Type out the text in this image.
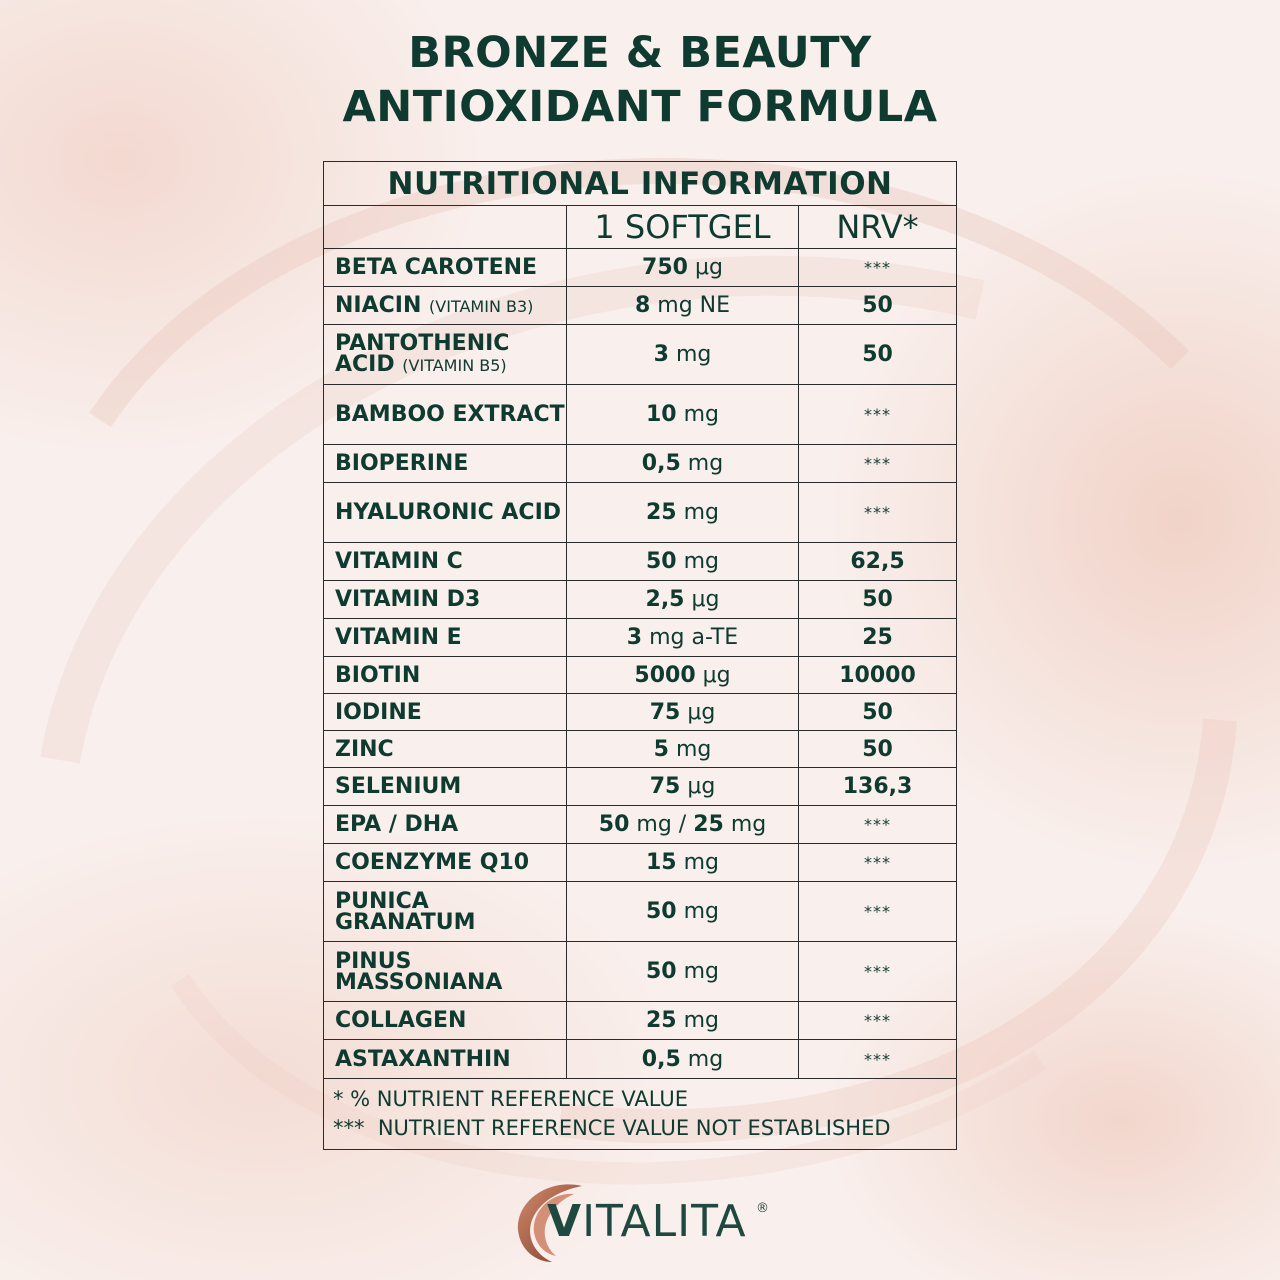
BRONZE & BEAUTY
ANTIOXIDANT FORMULA
NUTRITIONAL INFORMATION		
	1 SOFTGEL	NRV*
BETA CAROTENE	750 μg	***
NIACIN (VITAMIN B3)	8 mg NE	50
PANTOTHENIC ACID (VITAMIN B5)	3 mg	50
BAMBOO EXTRACT	10 mg	***
BIOPERINE	0,5 mg	***
HYALURONIC ACID	25 mg	***
VITAMIN C	50 mg	62,5
VITAMIN D3	2,5 μg	50
VITAMIN E	3 mg a-TE	25
BIOTIN	5000 μg	10000
IODINE	75 μg	50
ZINC	5 mg	50
SELENIUM	75 μg	136,3
EPA / DHA	50 mg / 25 mg	***
COENZYME Q10	15 mg	***
PUNICA GRANATUM	50 mg	***
PINUS MASSONIANA	50 mg	***
COLLAGEN	25 mg	***
ASTAXANTHIN	0,5 mg	***

* % NUTRIENT REFERENCE VALUE
***  NUTRIENT REFERENCE VALUE NOT ESTABLISHED		
VITALITA ®
